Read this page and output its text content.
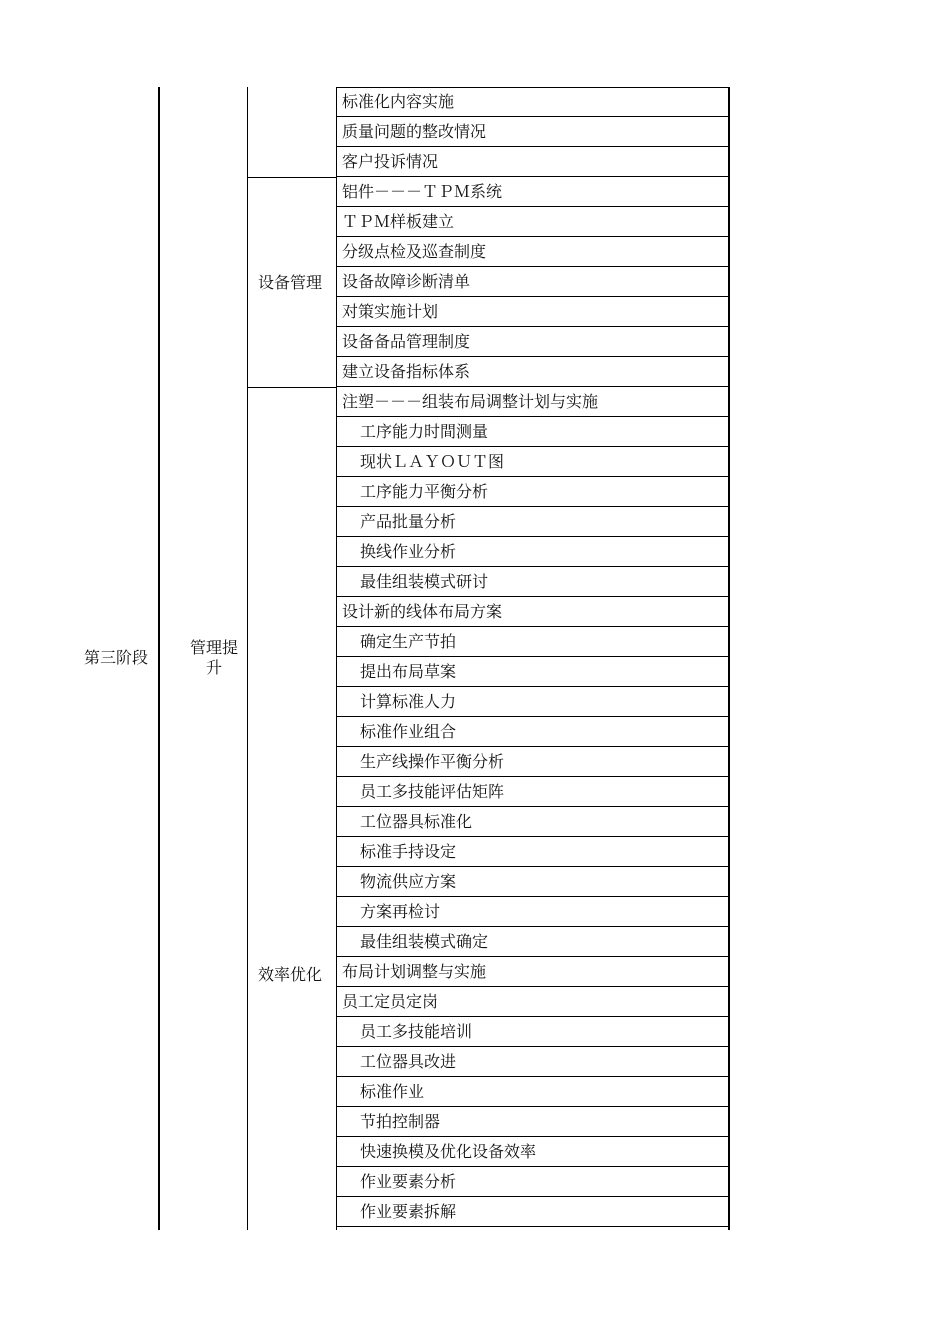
第三阶段
管理提升
设备管理
效率优化
标准化内容实施
质量问题的整改情况
客户投诉情况
铝件－－－ＴＰＭ系统
ＴＰＭ样板建立
分级点检及巡查制度
设备故障诊断清单
对策实施计划
设备备品管理制度
建立设备指标体系
注塑－－－组装布局调整计划与实施
工序能力时間测量
现状ＬＡＹＯＵＴ图
工序能力平衡分析
产品批量分析
换线作业分析
最佳组装模式研讨
设计新的线体布局方案
确定生产节拍
提出布局草案
计算标准人力
标准作业组合
生产线操作平衡分析
员工多技能评估矩阵
工位器具标准化
标准手持设定
物流供应方案
方案再检讨
最佳组装模式确定
布局计划调整与实施
员工定员定岗
员工多技能培训
工位器具改进
标准作业
节拍控制器
快速换模及优化设备效率
作业要素分析
作业要素拆解
